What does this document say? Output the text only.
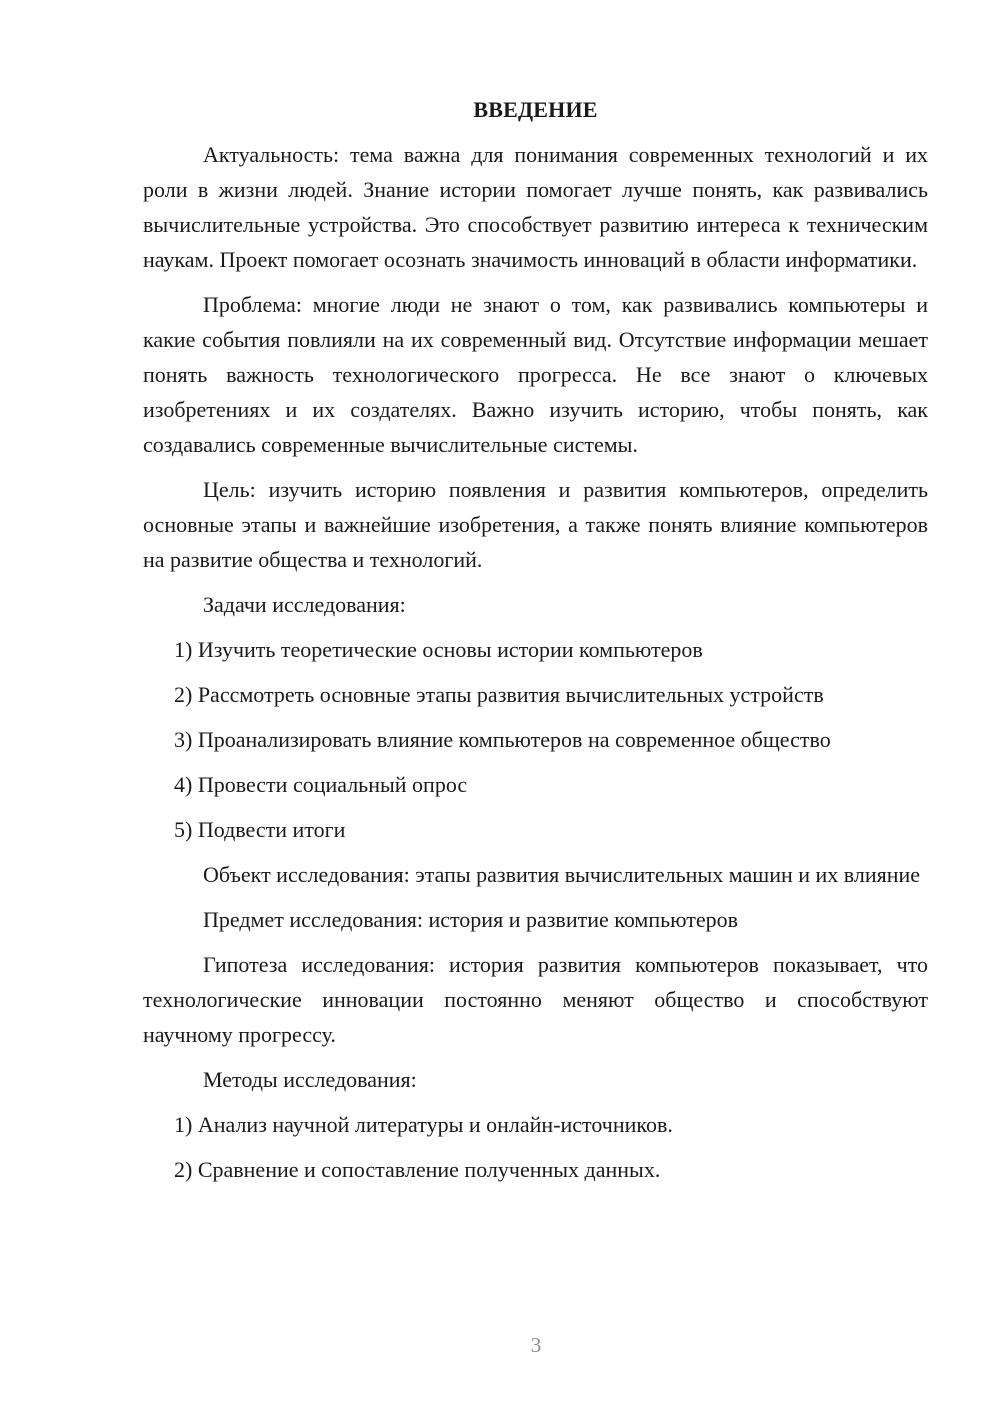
ВВЕДЕНИЕ

Актуальность: тема важна для понимания современных технологий и их роли в жизни людей. Знание истории помогает лучше понять, как развивались вычислительные устройства. Это способствует развитию интереса к техническим наукам. Проект помогает осознать значимость инноваций в области информатики.

Проблема: многие люди не знают о том, как развивались компьютеры и какие события повлияли на их современный вид. Отсутствие информации мешает понять важность технологического прогресса. Не все знают о ключевых изобретениях и их создателях. Важно изучить историю, чтобы понять, как создавались современные вычислительные системы.

Цель: изучить историю появления и развития компьютеров, определить основные этапы и важнейшие изобретения, а также понять влияние компьютеров на развитие общества и технологий.

Задачи исследования:

1) Изучить теоретические основы истории компьютеров

2) Рассмотреть основные этапы развития вычислительных устройств

3) Проанализировать влияние компьютеров на современное общество

4) Провести социальный опрос

5) Подвести итоги

Объект исследования: этапы развития вычислительных машин и их влияние

Предмет исследования: история и развитие компьютеров

Гипотеза исследования: история развития компьютеров показывает, что технологические инновации постоянно меняют общество и способствуют научному прогрессу.

Методы исследования:

1) Анализ научной литературы и онлайн-источников.

2) Сравнение и сопоставление полученных данных.

3
